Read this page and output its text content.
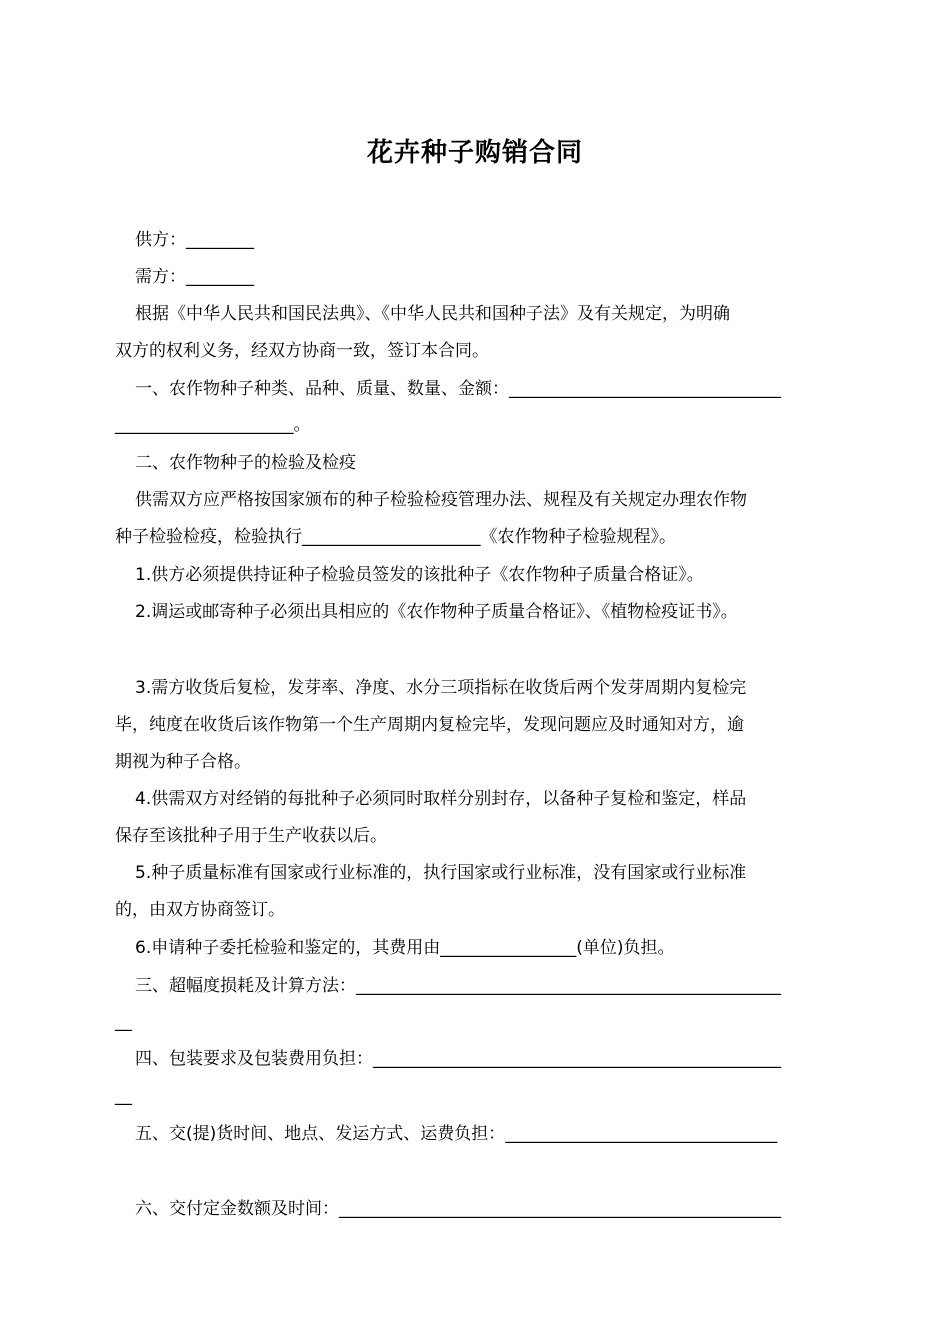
花卉种子购销合同
供方：________
需方：________
根据《中华人民共和国民法典》、《中华人民共和国种子法》及有关规定，为明确
双方的权利义务，经双方协商一致，签订本合同。
一、农作物种子种类、品种、质量、数量、金额：________________________________
_____________________。
二、农作物种子的检验及检疫
供需双方应严格按国家颁布的种子检验检疫管理办法、规程及有关规定办理农作物
种子检验检疫，检验执行_____________________《农作物种子检验规程》。
1.供方必须提供持证种子检验员签发的该批种子《农作物种子质量合格证》。
2.调运或邮寄种子必须出具相应的《农作物种子质量合格证》、《植物检疫证书》。
3.需方收货后复检，发芽率、净度、水分三项指标在收货后两个发芽周期内复检完
毕，纯度在收货后该作物第一个生产周期内复检完毕，发现问题应及时通知对方，逾
期视为种子合格。
4.供需双方对经销的每批种子必须同时取样分别封存，以备种子复检和鉴定，样品
保存至该批种子用于生产收获以后。
5.种子质量标准有国家或行业标准的，执行国家或行业标准，没有国家或行业标准
的，由双方协商签订。
6.申请种子委托检验和鉴定的，其费用由________________(单位)负担。
三、超幅度损耗及计算方法：__________________________________________________
__
四、包装要求及包装费用负担：________________________________________________
__
五、交(提)货时间、地点、发运方式、运费负担：________________________________
六、交付定金数额及时间：____________________________________________________
